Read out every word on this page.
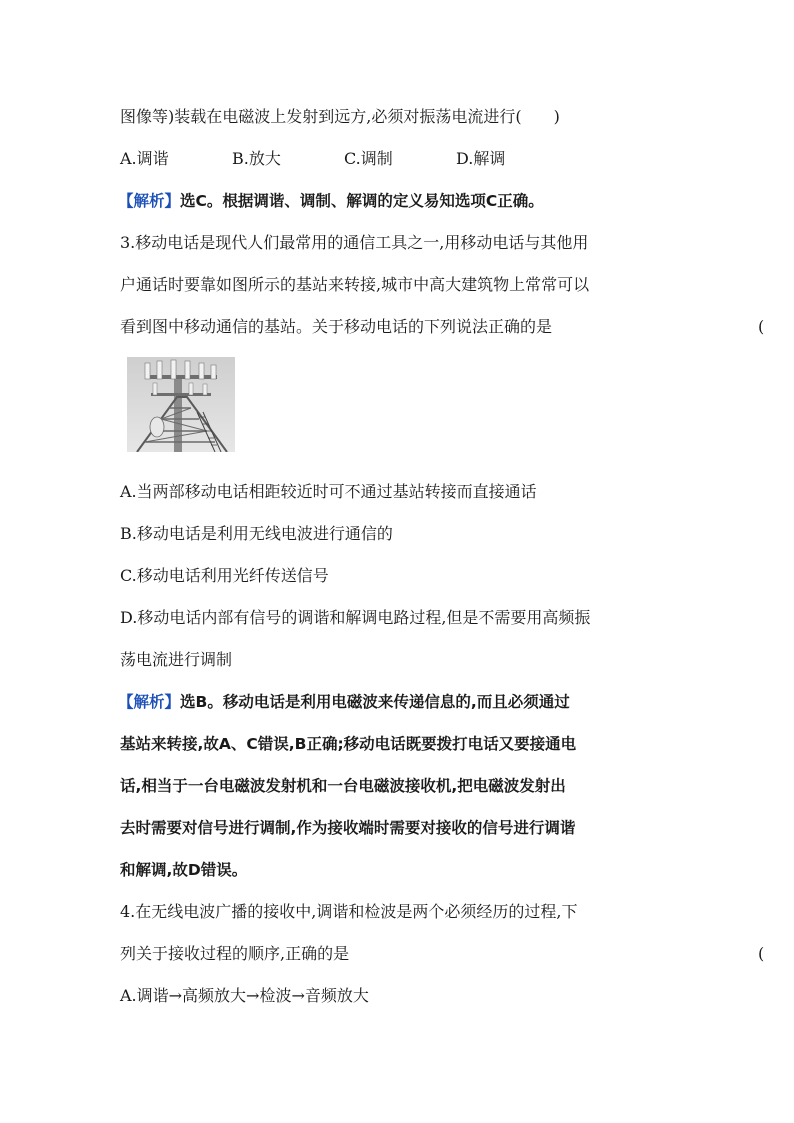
图像等)装载在电磁波上发射到远方,必须对振荡电流进行(　　)
A.调谐	B.放大	C.调制	D.解调
【解析】选C。根据调谐、调制、解调的定义易知选项C正确。
3.移动电话是现代人们最常用的通信工具之一,用移动电话与其他用
户通话时要靠如图所示的基站来转接,城市中高大建筑物上常常可以
看到图中移动通信的基站。关于移动电话的下列说法正确的是	(
A.当两部移动电话相距较近时可不通过基站转接而直接通话
B.移动电话是利用无线电波进行通信的
C.移动电话利用光纤传送信号
D.移动电话内部有信号的调谐和解调电路过程,但是不需要用高频振
荡电流进行调制
【解析】选B。移动电话是利用电磁波来传递信息的,而且必须通过
基站来转接,故A、C错误,B正确;移动电话既要拨打电话又要接通电
话,相当于一台电磁波发射机和一台电磁波接收机,把电磁波发射出
去时需要对信号进行调制,作为接收端时需要对接收的信号进行调谐
和解调,故D错误。
4.在无线电波广播的接收中,调谐和检波是两个必须经历的过程,下
列关于接收过程的顺序,正确的是	(
A.调谐→高频放大→检波→音频放大
